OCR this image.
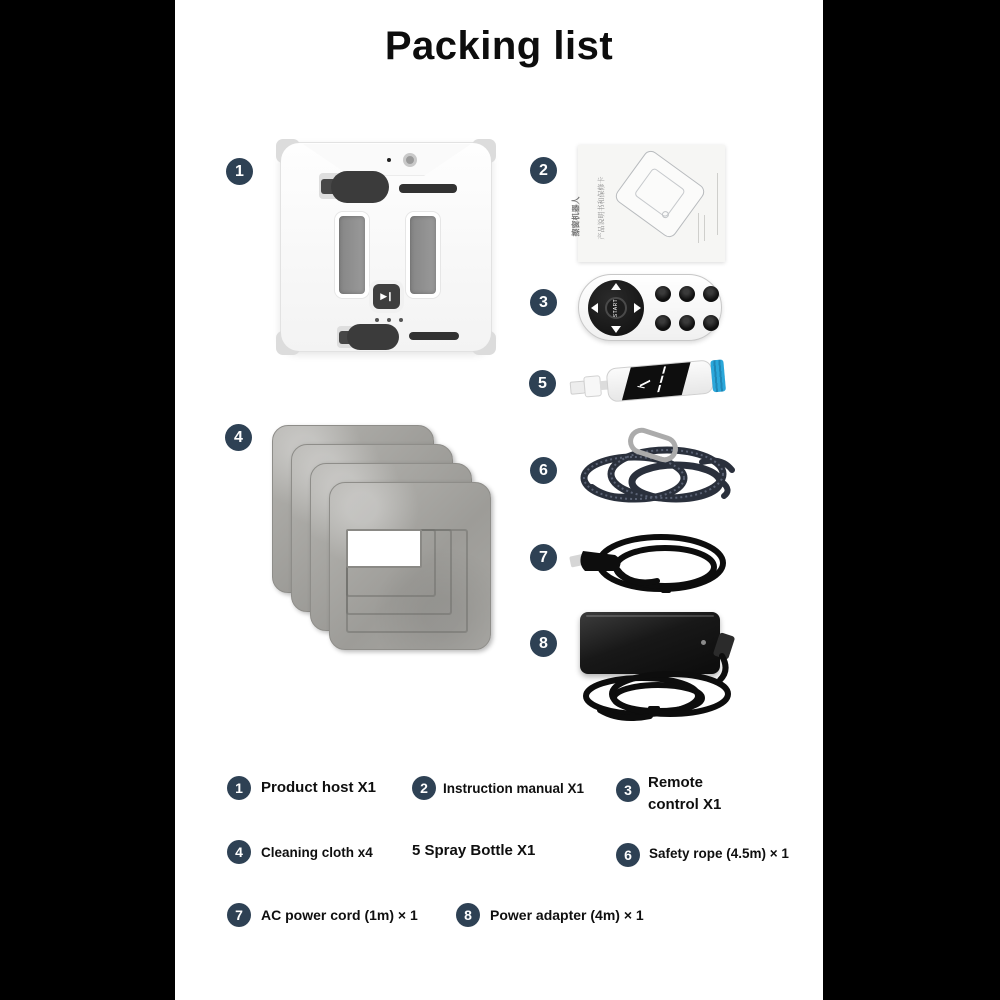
Packing list
1
▶❙
2
擦窗机器人	产品说明书和保修卡
3	START
5
4
6
7
8
1	Product host X1	2	Instruction manual X1	3	Remote control X1
4	Cleaning cloth x4	5 Spray Bottle X1	6	Safety rope (4.5m) × 1
7	AC power cord (1m) × 1	8	Power adapter (4m) × 1
